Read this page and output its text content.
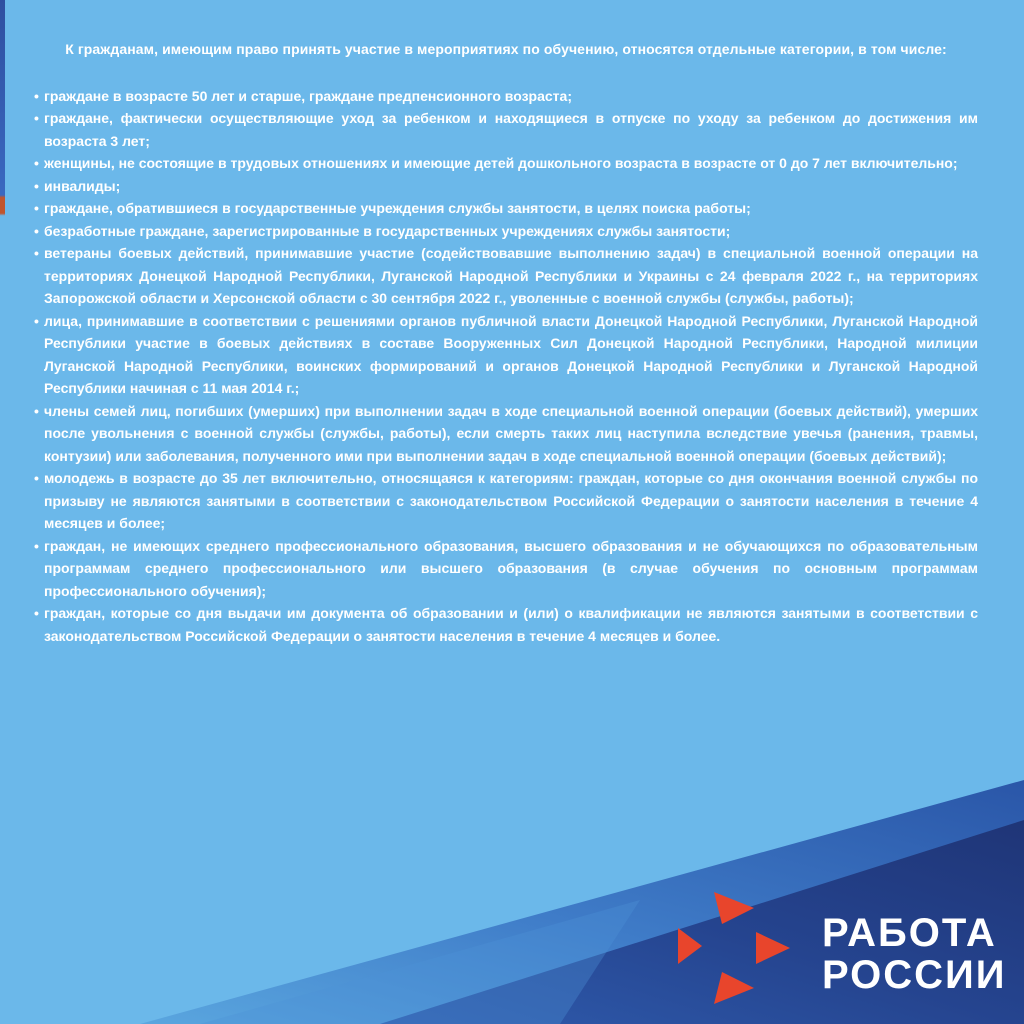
К гражданам, имеющим право принять участие в мероприятиях по обучению, относятся отдельные категории, в том числе:

• граждане в возрасте 50 лет и старше, граждане предпенсионного возраста;
• граждане, фактически осуществляющие уход за ребенком и находящиеся в отпуске по уходу за ребенком до достижения им возраста 3 лет;
• женщины, не состоящие в трудовых отношениях и имеющие детей дошкольного возраста в возрасте от 0 до 7 лет включительно;
• инвалиды;
• граждане, обратившиеся в государственные учреждения службы занятости, в целях поиска работы;
• безработные граждане, зарегистрированные в государственных учреждениях службы занятости;
• ветераны боевых действий, принимавшие участие (содействовавшие выполнению задач) в специальной военной операции на территориях Донецкой Народной Республики, Луганской Народной Республики и Украины с 24 февраля 2022 г., на территориях Запорожской области и Херсонской области с 30 сентября 2022 г., уволенные с военной службы (службы, работы);
• лица, принимавшие в соответствии с решениями органов публичной власти Донецкой Народной Республики, Луганской Народной Республики участие в боевых действиях в составе Вооруженных Сил Донецкой Народной Республики, Народной милиции Луганской Народной Республики, воинских формирований и органов Донецкой Народной Республики и Луганской Народной Республики начиная с 11 мая 2014 г.;
• члены семей лиц, погибших (умерших) при выполнении задач в ходе специальной военной операции (боевых действий), умерших после увольнения с военной службы (службы, работы), если смерть таких лиц наступила вследствие увечья (ранения, травмы, контузии) или заболевания, полученного ими при выполнении задач в ходе специальной военной операции (боевых действий);
• молодежь в возрасте до 35 лет включительно, относящаяся к категориям: граждан, которые со дня окончания военной службы по призыву не являются занятыми в соответствии с законодательством Российской Федерации о занятости населения в течение 4 месяцев и более;
• граждан, не имеющих среднего профессионального образования, высшего образования и не обучающихся по образовательным программам среднего профессионального или высшего образования (в случае обучения по основным программам профессионального обучения);
• граждан, которые со дня выдачи им документа об образовании и (или) о квалификации не являются занятыми в соответствии с законодательством Российской Федерации о занятости населения в течение 4 месяцев и более.
РАБОТА
РОССИИ
